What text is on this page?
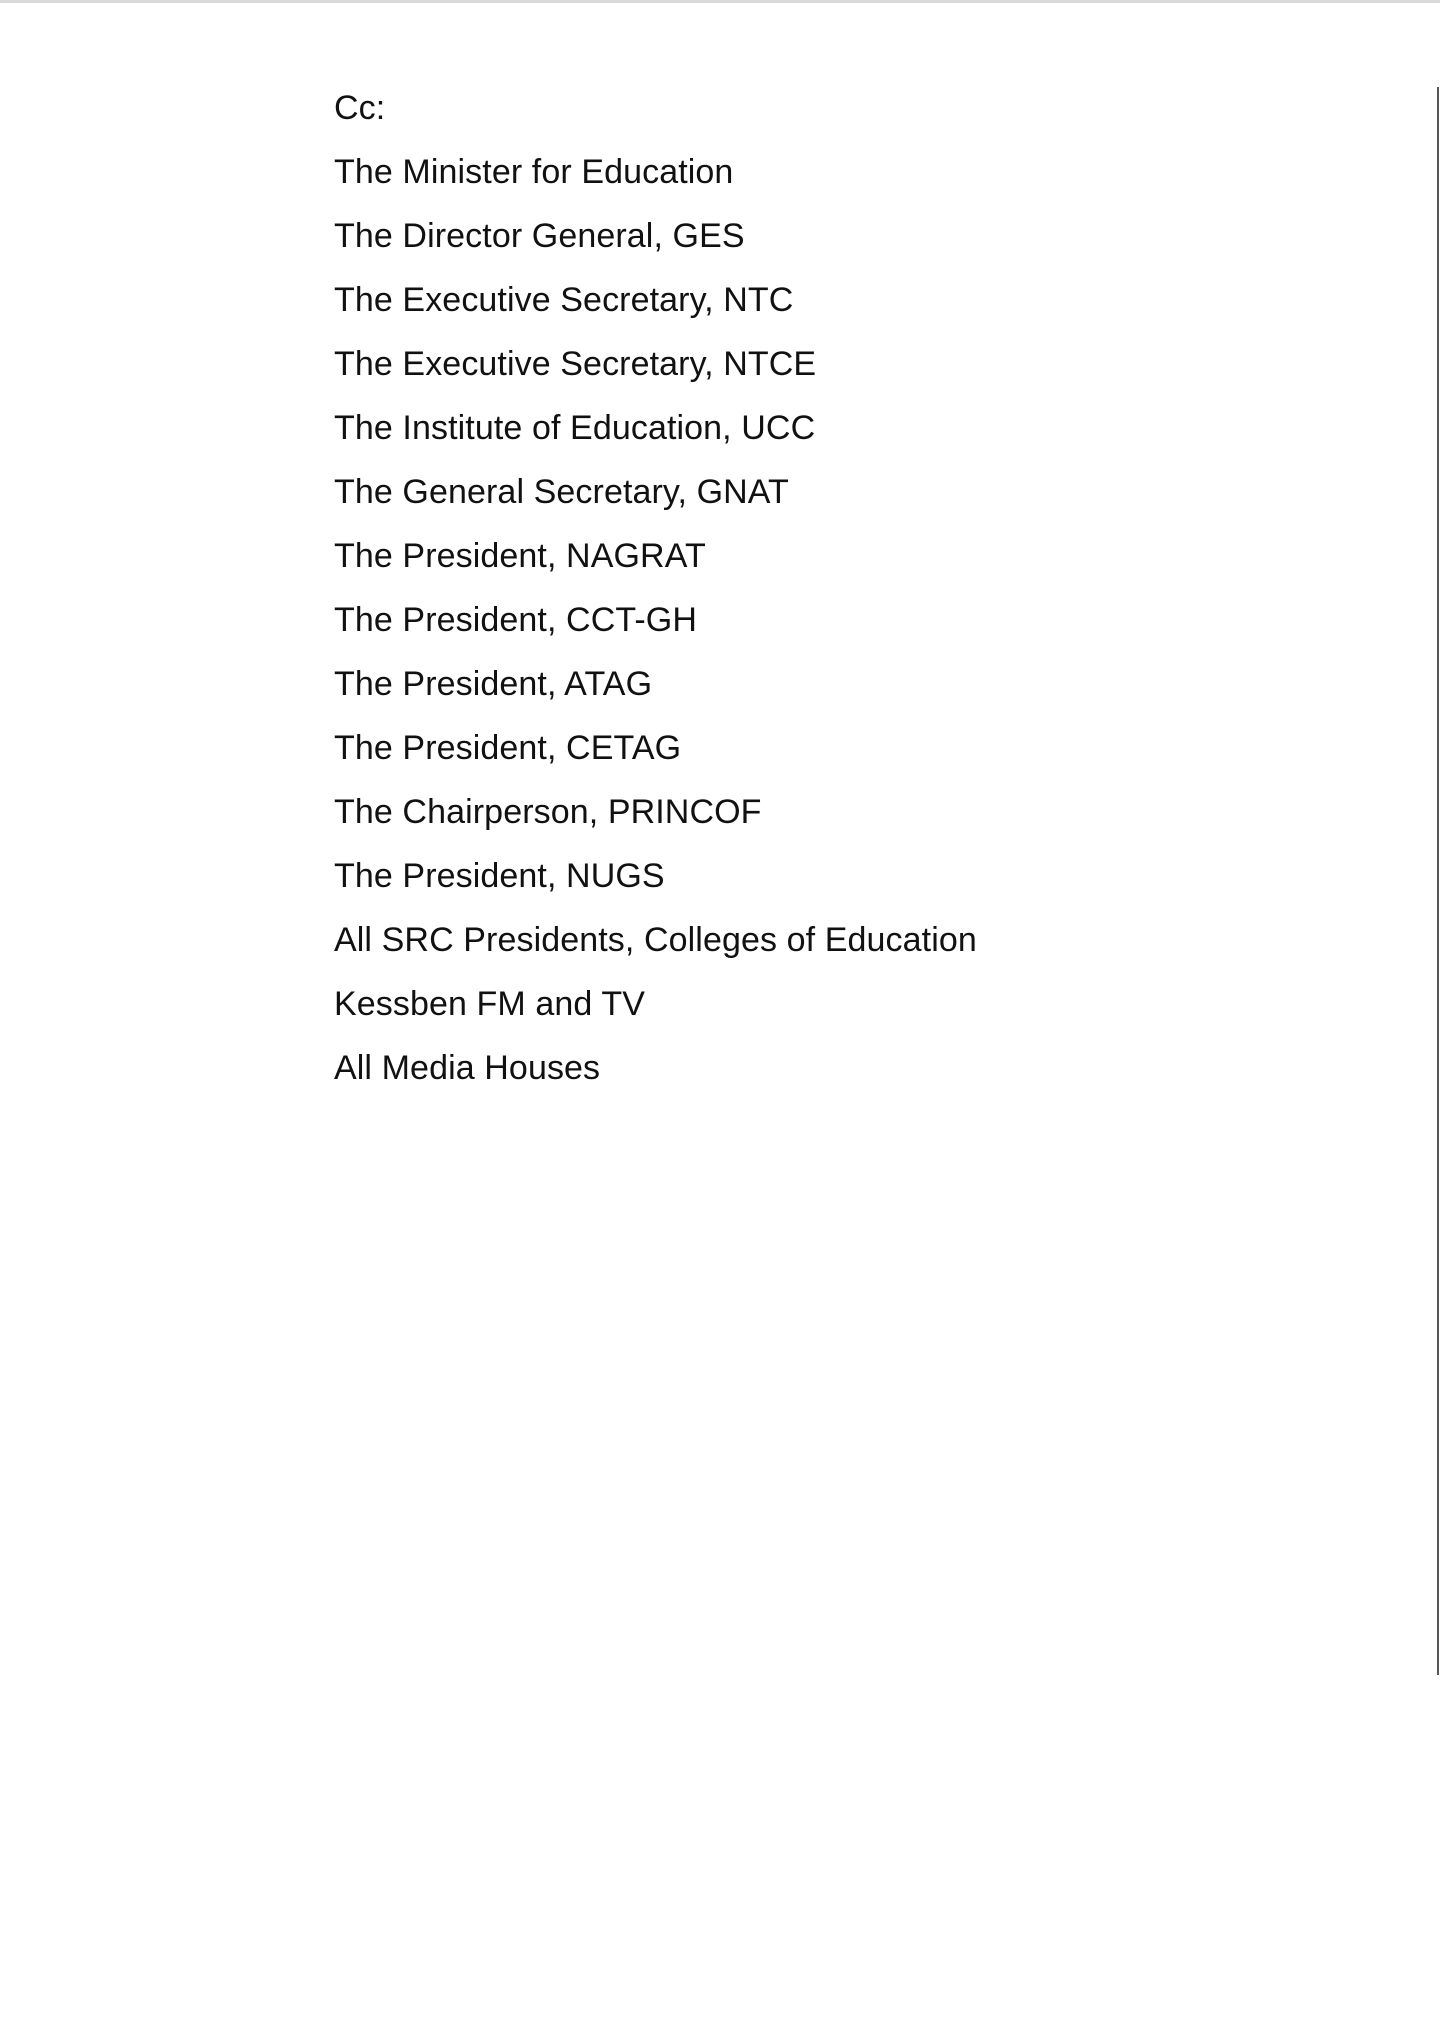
Cc:
The Minister for Education
The Director General, GES
The Executive Secretary, NTC
The Executive Secretary, NTCE
The Institute of Education, UCC
The General Secretary, GNAT
The President, NAGRAT
The President, CCT-GH
The President, ATAG
The President, CETAG
The Chairperson, PRINCOF
The President, NUGS
All SRC Presidents, Colleges of Education
Kessben FM and TV
All Media Houses
